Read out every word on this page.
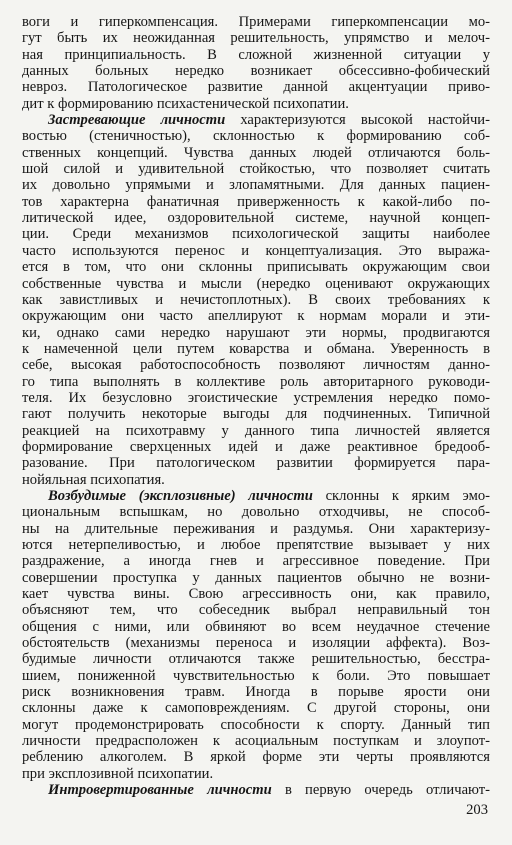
воги и гиперкомпенсация. Примерами гиперкомпенсации мо-
гут быть их неожиданная решительность, упрямство и мелоч-
ная принципиальность. В сложной жизненной ситуации у
данных больных нередко возникает обсессивно-фобический
невроз. Патологическое развитие данной акцентуации приво-
дит к формированию психастенической психопатии.
Застревающие личности характеризуются высокой настойчи-
востью (стеничностью), склонностью к формированию соб-
ственных концепций. Чувства данных людей отличаются боль-
шой силой и удивительной стойкостью, что позволяет считать
их довольно упрямыми и злопамятными. Для данных пациен-
тов характерна фанатичная приверженность к какой-либо по-
литической идее, оздоровительной системе, научной концеп-
ции. Среди механизмов психологической защиты наиболее
часто используются перенос и концептуализация. Это выража-
ется в том, что они склонны приписывать окружающим свои
собственные чувства и мысли (нередко оценивают окружающих
как завистливых и нечистоплотных). В своих требованиях к
окружающим они часто апеллируют к нормам морали и эти-
ки, однако сами нередко нарушают эти нормы, продвигаются
к намеченной цели путем коварства и обмана. Уверенность в
себе, высокая работоспособность позволяют личностям данно-
го типа выполнять в коллективе роль авторитарного руководи-
теля. Их безусловно эгоистические устремления нередко помо-
гают получить некоторые выгоды для подчиненных. Типичной
реакцией на психотравму у данного типа личностей является
формирование сверхценных идей и даже реактивное бредооб-
разование. При патологическом развитии формируется пара-
нойяльная психопатия.
Возбудимые (эксплозивные) личности склонны к ярким эмо-
циональным вспышкам, но довольно отходчивы, не способ-
ны на длительные переживания и раздумья. Они характеризу-
ются нетерпеливостью, и любое препятствие вызывает у них
раздражение, а иногда гнев и агрессивное поведение. При
совершении проступка у данных пациентов обычно не возни-
кает чувства вины. Свою агрессивность они, как правило,
объясняют тем, что собеседник выбрал неправильный тон
общения с ними, или обвиняют во всем неудачное стечение
обстоятельств (механизмы переноса и изоляции аффекта). Воз-
будимые личности отличаются также решительностью, бесстра-
шием, пониженной чувствительностью к боли. Это повышает
риск возникновения травм. Иногда в порыве ярости они
склонны даже к самоповреждениям. С другой стороны, они
могут продемонстрировать способности к спорту. Данный тип
личности предрасположен к асоциальным поступкам и злоупот-
реблению алкоголем. В яркой форме эти черты проявляются
при эксплозивной психопатии.
Интровертированные личности в первую очередь отличают-
203
